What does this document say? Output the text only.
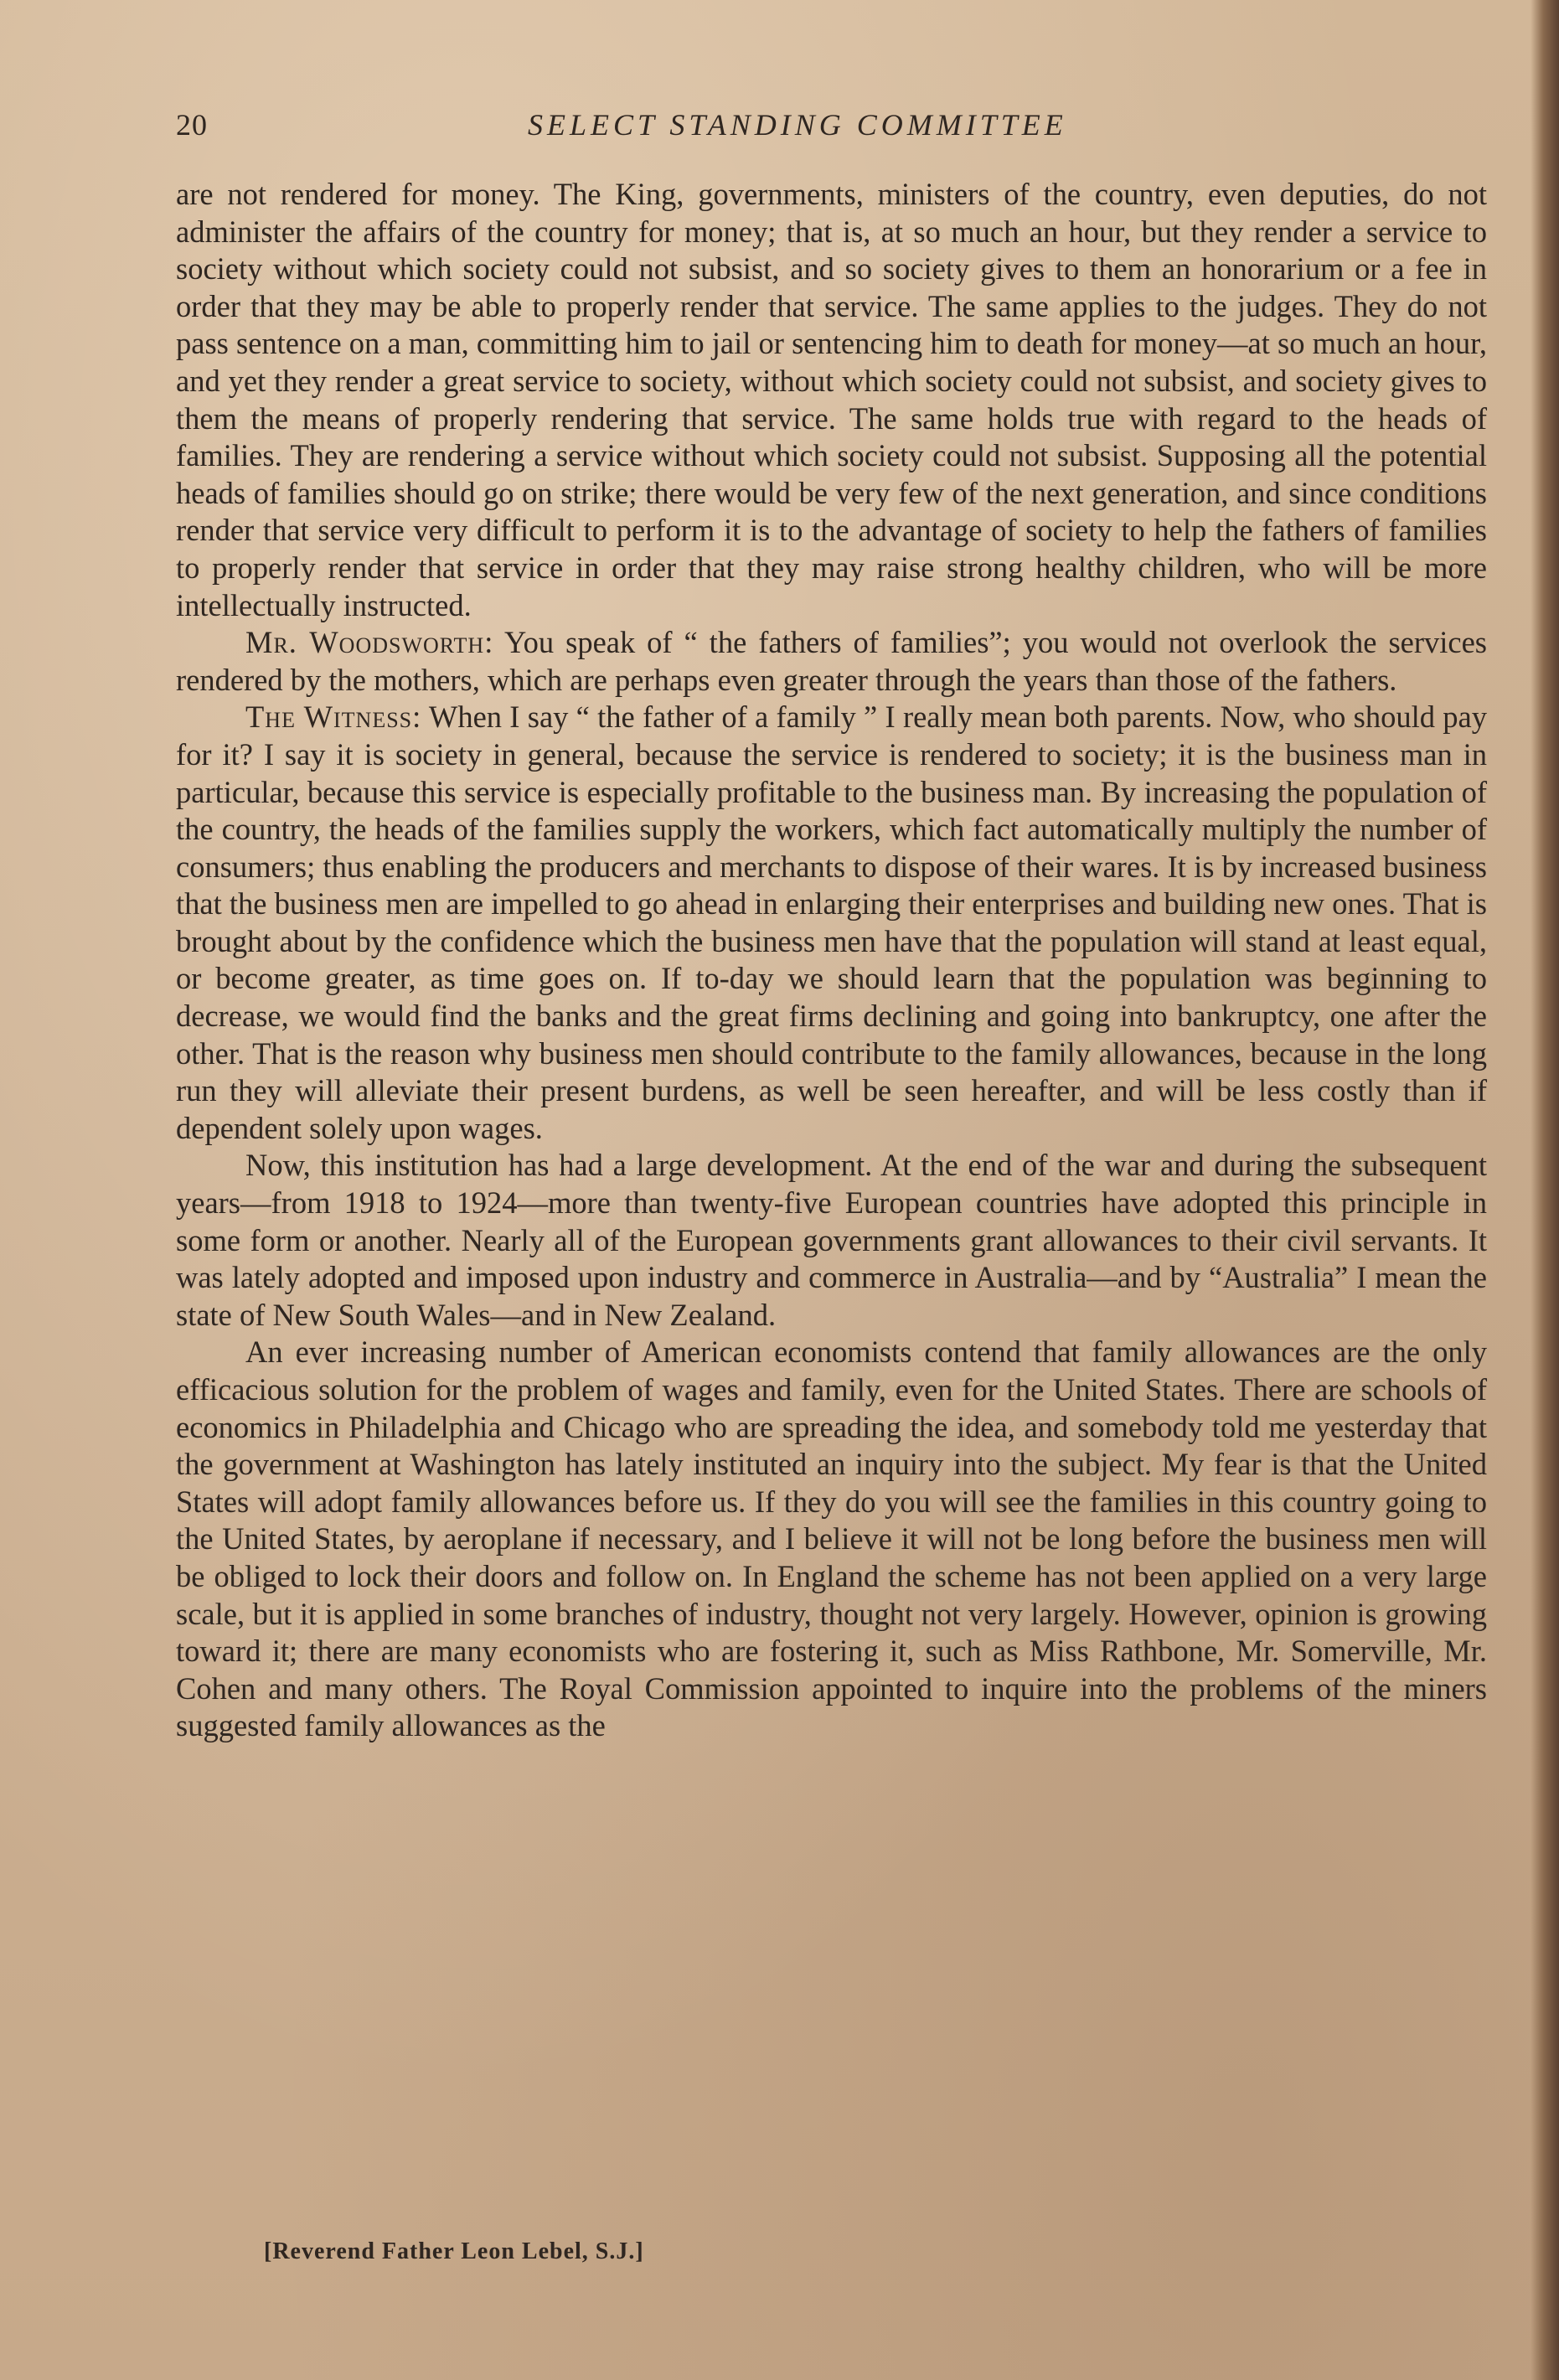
20	SELECT STANDING COMMITTEE

are not rendered for money. The King, governments, ministers of the country, even deputies, do not administer the affairs of the country for money; that is, at so much an hour, but they render a service to society without which society could not subsist, and so society gives to them an honorarium or a fee in order that they may be able to properly render that service. The same applies to the judges. They do not pass sentence on a man, committing him to jail or sentencing him to death for money—at so much an hour, and yet they render a great service to society, without which society could not subsist, and society gives to them the means of properly rendering that service. The same holds true with regard to the heads of families. They are rendering a service without which society could not subsist. Supposing all the potential heads of families should go on strike; there would be very few of the next generation, and since conditions render that service very difficult to perform it is to the advantage of society to help the fathers of families to properly render that service in order that they may raise strong healthy children, who will be more intellectually instructed.

Mr. Woodsworth: You speak of “ the fathers of families”; you would not overlook the services rendered by the mothers, which are perhaps even greater through the years than those of the fathers.

The Witness: When I say “ the father of a family ” I really mean both parents. Now, who should pay for it? I say it is society in general, because the service is rendered to society; it is the business man in particular, because this service is especially profitable to the business man. By increasing the population of the country, the heads of the families supply the workers, which fact automatically multiply the number of consumers; thus enabling the producers and merchants to dispose of their wares. It is by increased business that the business men are impelled to go ahead in enlarging their enterprises and building new ones. That is brought about by the confidence which the business men have that the population will stand at least equal, or become greater, as time goes on. If to-day we should learn that the population was beginning to decrease, we would find the banks and the great firms declining and going into bankruptcy, one after the other. That is the reason why business men should contribute to the family allowances, because in the long run they will alleviate their present burdens, as well be seen hereafter, and will be less costly than if dependent solely upon wages.

Now, this institution has had a large development. At the end of the war and during the subsequent years—from 1918 to 1924—more than twenty-five European countries have adopted this principle in some form or another. Nearly all of the European governments grant allowances to their civil servants. It was lately adopted and imposed upon industry and commerce in Australia—and by “Australia” I mean the state of New South Wales—and in New Zealand.

An ever increasing number of American economists contend that family allowances are the only efficacious solution for the problem of wages and family, even for the United States. There are schools of economics in Philadelphia and Chicago who are spreading the idea, and somebody told me yesterday that the government at Washington has lately instituted an inquiry into the subject. My fear is that the United States will adopt family allowances before us. If they do you will see the families in this country going to the United States, by aeroplane if necessary, and I believe it will not be long before the business men will be obliged to lock their doors and follow on. In England the scheme has not been applied on a very large scale, but it is applied in some branches of industry, thought not very largely. However, opinion is growing toward it; there are many economists who are fostering it, such as Miss Rathbone, Mr. Somerville, Mr. Cohen and many others. The Royal Commission appointed to inquire into the problems of the miners suggested family allowances as the

[Reverend Father Leon Lebel, S.J.]
